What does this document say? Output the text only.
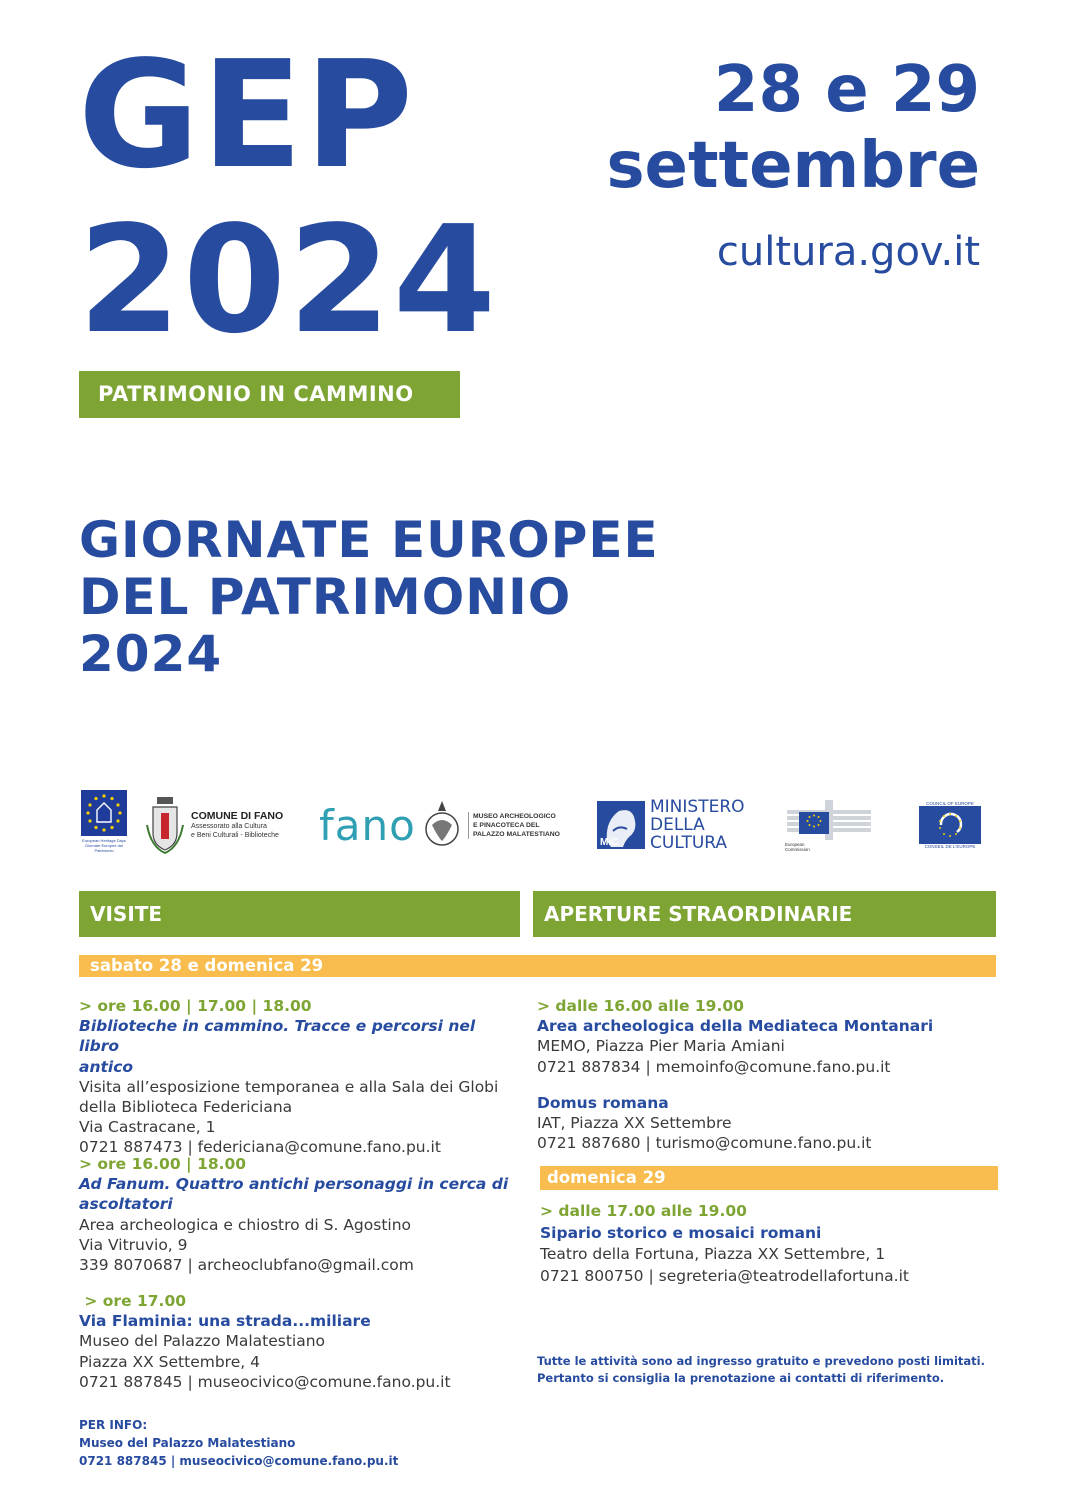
GEP
2024
PATRIMONIO IN CAMMINO
28 e 29
settembre
cultura.gov.it
GIORNATE EUROPEE
DEL PATRIMONIO
2024
European Heritage Days
Giornate Europee del Patrimonio
COMUNE DI FANO
Assessorato alla Cultura
e Beni Culturali - Biblioteche fano	MUSEO ARCHEOLOGICO
E PINACOTECA DEL
PALAZZO MALATESTIANO
MiC
MINISTERO
DELLA
CULTURA	European
Commission
COUNCIL OF EUROPE
CONSEIL DE L'EUROPE
VISITE	APERTURE STRAORDINARIE
sabato 28 e domenica 29
> ore 16.00 | 17.00 | 18.00
Biblioteche in cammino. Tracce e percorsi nel libro
antico
Visita all’esposizione temporanea e alla Sala dei Globi
della Biblioteca Federiciana
Via Castracane, 1
0721 887473 | federiciana@comune.fano.pu.it
> ore 16.00 | 18.00
Ad Fanum. Quattro antichi personaggi in cerca di
ascoltatori
Area archeologica e chiostro di S. Agostino
Via Vitruvio, 9
339 8070687 | archeoclubfano@gmail.com
> ore 17.00
Via Flaminia: una strada...miliare
Museo del Palazzo Malatestiano
Piazza XX Settembre, 4
0721 887845 | museocivico@comune.fano.pu.it
> dalle 16.00 alle 19.00
Area archeologica della Mediateca Montanari
MEMO, Piazza Pier Maria Amiani
0721 887834 | memoinfo@comune.fano.pu.it
Domus romana
IAT, Piazza XX Settembre
0721 887680 | turismo@comune.fano.pu.it
domenica 29
> dalle 17.00 alle 19.00
Sipario storico e mosaici romani
Teatro della Fortuna, Piazza XX Settembre, 1
0721 800750 | segreteria@teatrodellafortuna.it
Tutte le attività sono ad ingresso gratuito e prevedono posti limitati.
Pertanto si consiglia la prenotazione ai contatti di riferimento.
PER INFO:
Museo del Palazzo Malatestiano
0721 887845 | museocivico@comune.fano.pu.it
